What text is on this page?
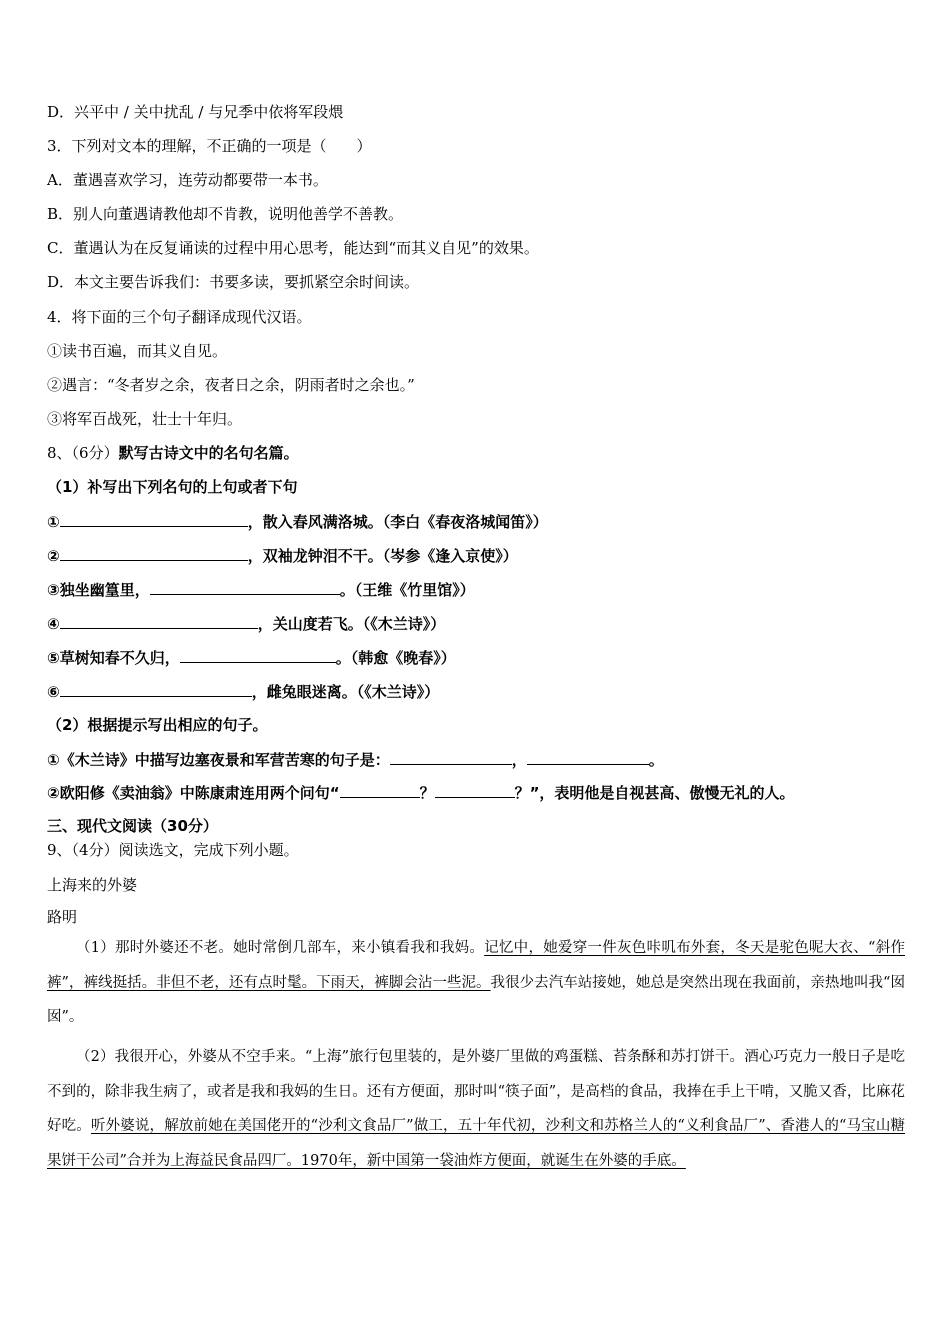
D．兴平中 / 关中扰乱 / 与兄季中依将军段煨
3．下列对文本的理解，不正确的一项是（　　）
A．董遇喜欢学习，连劳动都要带一本书。
B．别人向董遇请教他却不肯教，说明他善学不善教。
C．董遇认为在反复诵读的过程中用心思考，能达到“而其义自见”的效果。
D．本文主要告诉我们：书要多读，要抓紧空余时间读。
4．将下面的三个句子翻译成现代汉语。
①读书百遍，而其义自见。
②遇言：“冬者岁之余，夜者日之余，阴雨者时之余也。”
③将军百战死，壮士十年归。
8、（6分）默写古诗文中的名句名篇。
（1）补写出下列名句的上句或者下句
①	，散入春风满洛城。（李白《春夜洛城闻笛》）
②	，双袖龙钟泪不干。（岑参《逢入京使》）
③独坐幽篁里，	。（王维《竹里馆》）
④	，关山度若飞。（《木兰诗》）
⑤草树知春不久归，	。（韩愈《晚春》）
⑥	，雌兔眼迷离。（《木兰诗》）
（2）根据提示写出相应的句子。
①《木兰诗》中描写边塞夜景和军营苦寒的句子是：	，	。
②欧阳修《卖油翁》中陈康肃连用两个问句“	？	？”，表明他是自视甚高、傲慢无礼的人。
三、现代文阅读（30分）
9、（4分）阅读选文，完成下列小题。
上海来的外婆
路明
（1）那时外婆还不老。她时常倒几部车，来小镇看我和我妈。记忆中，她爱穿一件灰色咔叽布外套，冬天是驼色呢大衣、“斜作裤”，裤线挺括。非但不老，还有点时髦。下雨天，裤脚会沾一些泥。我很少去汽车站接她，她总是突然出现在我面前，亲热地叫我“囡囡”。
（2）我很开心，外婆从不空手来。“上海”旅行包里装的，是外婆厂里做的鸡蛋糕、苔条酥和苏打饼干。酒心巧克力一般日子是吃不到的，除非我生病了，或者是我和我妈的生日。还有方便面，那时叫“筷子面”，是高档的食品，我捧在手上干啃，又脆又香，比麻花好吃。听外婆说，解放前她在美国佬开的“沙利文食品厂”做工，五十年代初，沙利文和苏格兰人的“义利食品厂”、香港人的“马宝山糖果饼干公司”合并为上海益民食品四厂。1970年，新中国第一袋油炸方便面，就诞生在外婆的手底。
